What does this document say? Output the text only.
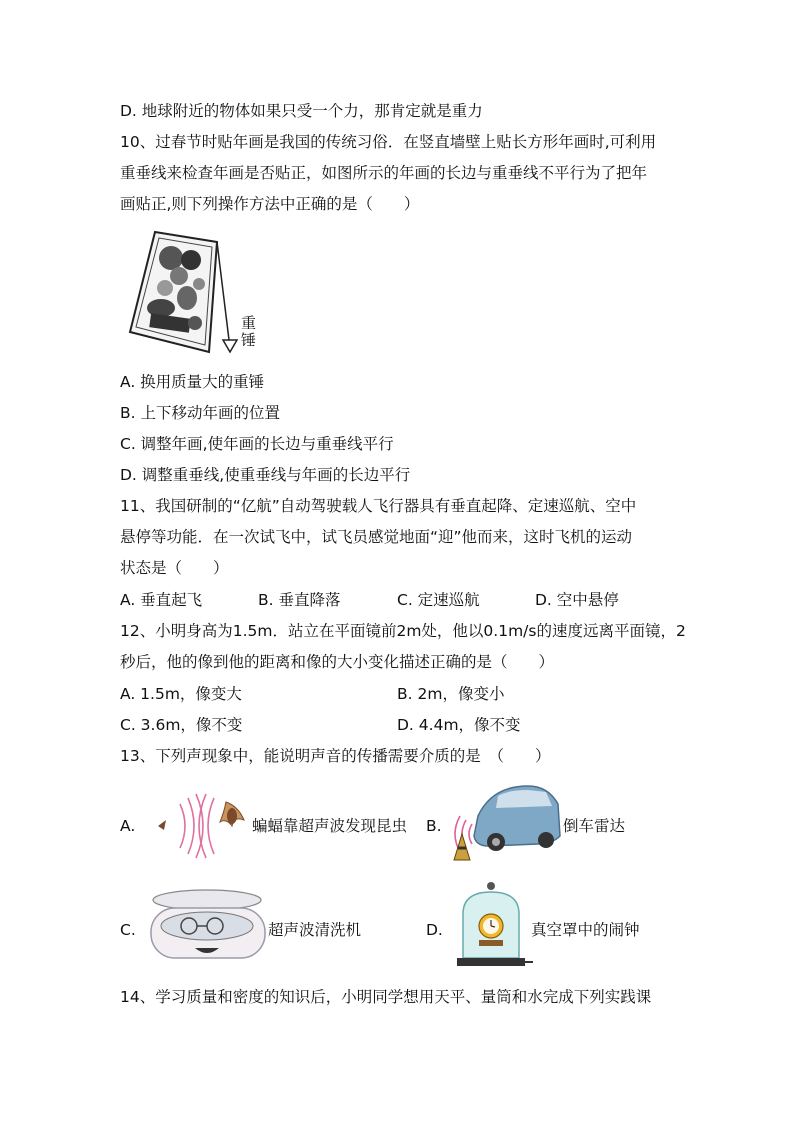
D. 地球附近的物体如果只受一个力，那肯定就是重力
10、过春节时贴年画是我国的传统习俗．在竖直墙壁上贴长方形年画时,可利用
重垂线来检查年画是否贴正，如图所示的年画的长边与重垂线不平行为了把年
画贴正,则下列操作方法中正确的是（　　）
重
锤
A. 换用质量大的重锤
B. 上下移动年画的位置
C. 调整年画,使年画的长边与重垂线平行
D. 调整重垂线,使重垂线与年画的长边平行
11、我国研制的“亿航”自动驾驶载人飞行器具有垂直起降、定速巡航、空中
悬停等功能．在一次试飞中，试飞员感觉地面“迎”他而来，这时飞机的运动
状态是（　　）
A. 垂直起飞	B. 垂直降落	C. 定速巡航	D. 空中悬停
12、小明身高为1.5m．站立在平面镜前2m处，他以0.1m/s的速度远离平面镜，2
秒后，他的像到他的距离和像的大小变化描述正确的是（　　）
A. 1.5m，像变大	B. 2m，像变小
C. 3.6m，像不变	D. 4.4m，像不变
13、下列声现象中，能说明声音的传播需要介质的是　（　　）
A.	蝙蝠靠超声波发现昆虫 B.	倒车雷达
C.	超声波清洗机	D.	真空罩中的闹钟
14、学习质量和密度的知识后，小明同学想用天平、量筒和水完成下列实践课
